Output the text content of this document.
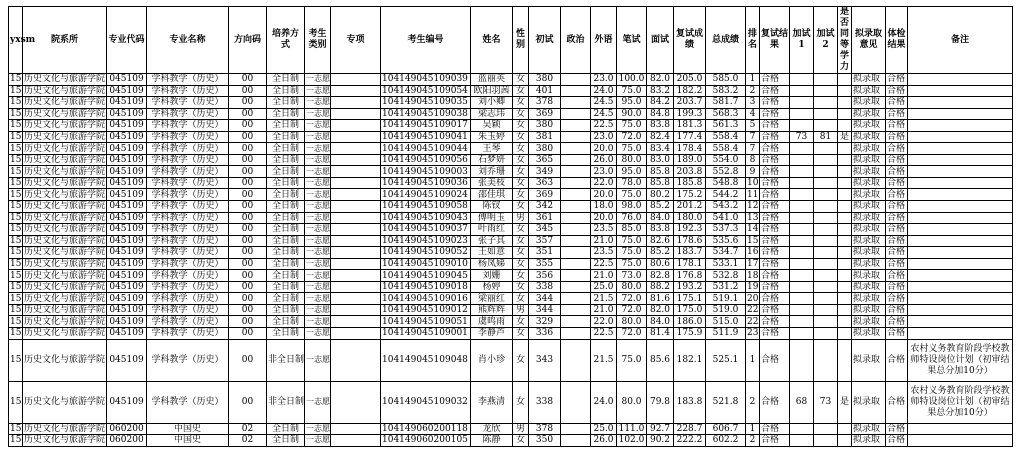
yxsm	院系所	专业代码	专业名称	方向码	培养方式	考生类别	专项	考生编号	姓名	性别	初试	政治	外语	笔试	面试	复试成绩	总成绩	排名	复试结果	加试1	加试2	是否同等学力	拟录取意见	体检结果	备注
15	历史文化与旅游学院	045109	学科教学（历史）	00	全日制	一志愿		104149045109039	蓝丽英	女	380		23.0	100.0	82.0	205.0	585.0	1	合格				拟录取	合格	
15	历史文化与旅游学院	045109	学科教学（历史）	00	全日制	一志愿		104149045109054	欧阳羽茜	女	401		24.0	75.0	83.2	182.2	583.2	2	合格				拟录取	合格	
15	历史文化与旅游学院	045109	学科教学（历史）	00	全日制	一志愿		104149045109035	刘小卿	女	378		24.5	95.0	84.2	203.7	581.7	3	合格				拟录取	合格	
15	历史文化与旅游学院	045109	学科教学（历史）	00	全日制	一志愿		104149045109038	梁志玮	女	369		24.5	90.0	84.8	199.3	568.3	4	合格				拟录取	合格	
15	历史文化与旅游学院	045109	学科教学（历史）	00	全日制	一志愿		104149045109017	吴颖	女	380		22.5	75.0	83.8	181.3	561.3	5	合格				拟录取	合格	
15	历史文化与旅游学院	045109	学科教学（历史）	00	全日制	一志愿		104149045109041	朱玉婷	女	381		23.0	72.0	82.4	177.4	558.4	7	合格	73	81	是	拟录取	合格	
15	历史文化与旅游学院	045109	学科教学（历史）	00	全日制	一志愿		104149045109044	王琴	女	380		20.0	75.0	83.4	178.4	558.4	7	合格				拟录取	合格	
15	历史文化与旅游学院	045109	学科教学（历史）	00	全日制	一志愿		104149045109056	石梦妍	女	365		26.0	80.0	83.0	189.0	554.0	8	合格				拟录取	合格	
15	历史文化与旅游学院	045109	学科教学（历史）	00	全日制	一志愿		104149045109003	刘乔珊	女	349		23.0	95.0	85.8	203.8	552.8	9	合格				拟录取	合格	
15	历史文化与旅游学院	045109	学科教学（历史）	00	全日制	一志愿		104149045109036	张美枝	女	363		22.0	78.0	85.8	185.8	548.8	10	合格				拟录取	合格	
15	历史文化与旅游学院	045109	学科教学（历史）	00	全日制	一志愿		104149045109024	邵佳琪	女	369		20.0	75.0	80.2	175.2	544.2	11	合格				拟录取	合格	
15	历史文化与旅游学院	045109	学科教学（历史）	00	全日制	一志愿		104149045109058	陈钗	女	342		18.0	98.0	85.2	201.2	543.2	12	合格				拟录取	合格	
15	历史文化与旅游学院	045109	学科教学（历史）	00	全日制	一志愿		104149045109043	傅明玉	男	361		20.0	76.0	84.0	180.0	541.0	13	合格				拟录取	合格	
15	历史文化与旅游学院	045109	学科教学（历史）	00	全日制	一志愿		104149045109037	叶雨红	女	345		23.5	85.0	83.8	192.3	537.3	14	合格				拟录取	合格	
15	历史文化与旅游学院	045109	学科教学（历史）	00	全日制	一志愿		104149045109023	张子其	女	357		21.0	75.0	82.6	178.6	535.6	15	合格				拟录取	合格	
15	历史文化与旅游学院	045109	学科教学（历史）	00	全日制	一志愿		104149045109052	王如意	女	351		23.5	75.0	85.2	183.7	534.7	16	合格				拟录取	合格	
15	历史文化与旅游学院	045109	学科教学（历史）	00	全日制	一志愿		104149045109010	杨凤娣	女	355		22.5	75.0	80.6	178.1	533.1	17	合格				拟录取	合格	
15	历史文化与旅游学院	045109	学科教学（历史）	00	全日制	一志愿		104149045109045	刘姗	女	356		21.0	73.0	82.8	176.8	532.8	18	合格				拟录取	合格	
15	历史文化与旅游学院	045109	学科教学（历史）	00	全日制	一志愿		104149045109018	杨婷	女	338		25.0	80.0	88.2	193.2	531.2	19	合格				拟录取	合格	
15	历史文化与旅游学院	045109	学科教学（历史）	00	全日制	一志愿		104149045109016	梁丽红	女	344		21.5	72.0	81.6	175.1	519.1	20	合格				拟录取	合格	
15	历史文化与旅游学院	045109	学科教学（历史）	00	全日制	一志愿		104149045109012	熊辉辉	男	344		21.0	72.0	82.0	175.0	519.0	22	合格				拟录取	合格	
15	历史文化与旅游学院	045109	学科教学（历史）	00	全日制	一志愿		104149045109051	虞鸣雨	女	329		22.0	80.0	84.0	186.0	515.0	22	合格				拟录取	合格	
15	历史文化与旅游学院	045109	学科教学（历史）	00	全日制	一志愿		104149045109001	李静芦	女	336		22.5	72.0	81.4	175.9	511.9	23	合格				拟录取	合格	
15	历史文化与旅游学院	045109	学科教学（历史）	00	非全日制	一志愿		104149045109048	肖小珍	女	343		21.5	75.0	85.6	182.1	525.1	1	合格				拟录取	合格	农村义务教育阶段学校教师特设岗位计划（初审结果总分加10分）
15	历史文化与旅游学院	045109	学科教学（历史）	00	非全日制	一志愿		104149045109032	李燕清	女	338		24.0	80.0	79.8	183.8	521.8	2	合格	68	73	是	拟录取	合格	农村义务教育阶段学校教师特设岗位计划（初审结果总分加10分）
15	历史文化与旅游学院	060200	中国史	02	全日制	一志愿		104149060200118	龙欣	男	378		25.0	111.0	92.7	228.7	606.7	1	合格				拟录取	合格	
15	历史文化与旅游学院	060200	中国史	02	全日制	一志愿		104149060200105	陈静	女	350		26.0	102.0	90.2	222.2	602.2	2	合格				拟录取	合格	
